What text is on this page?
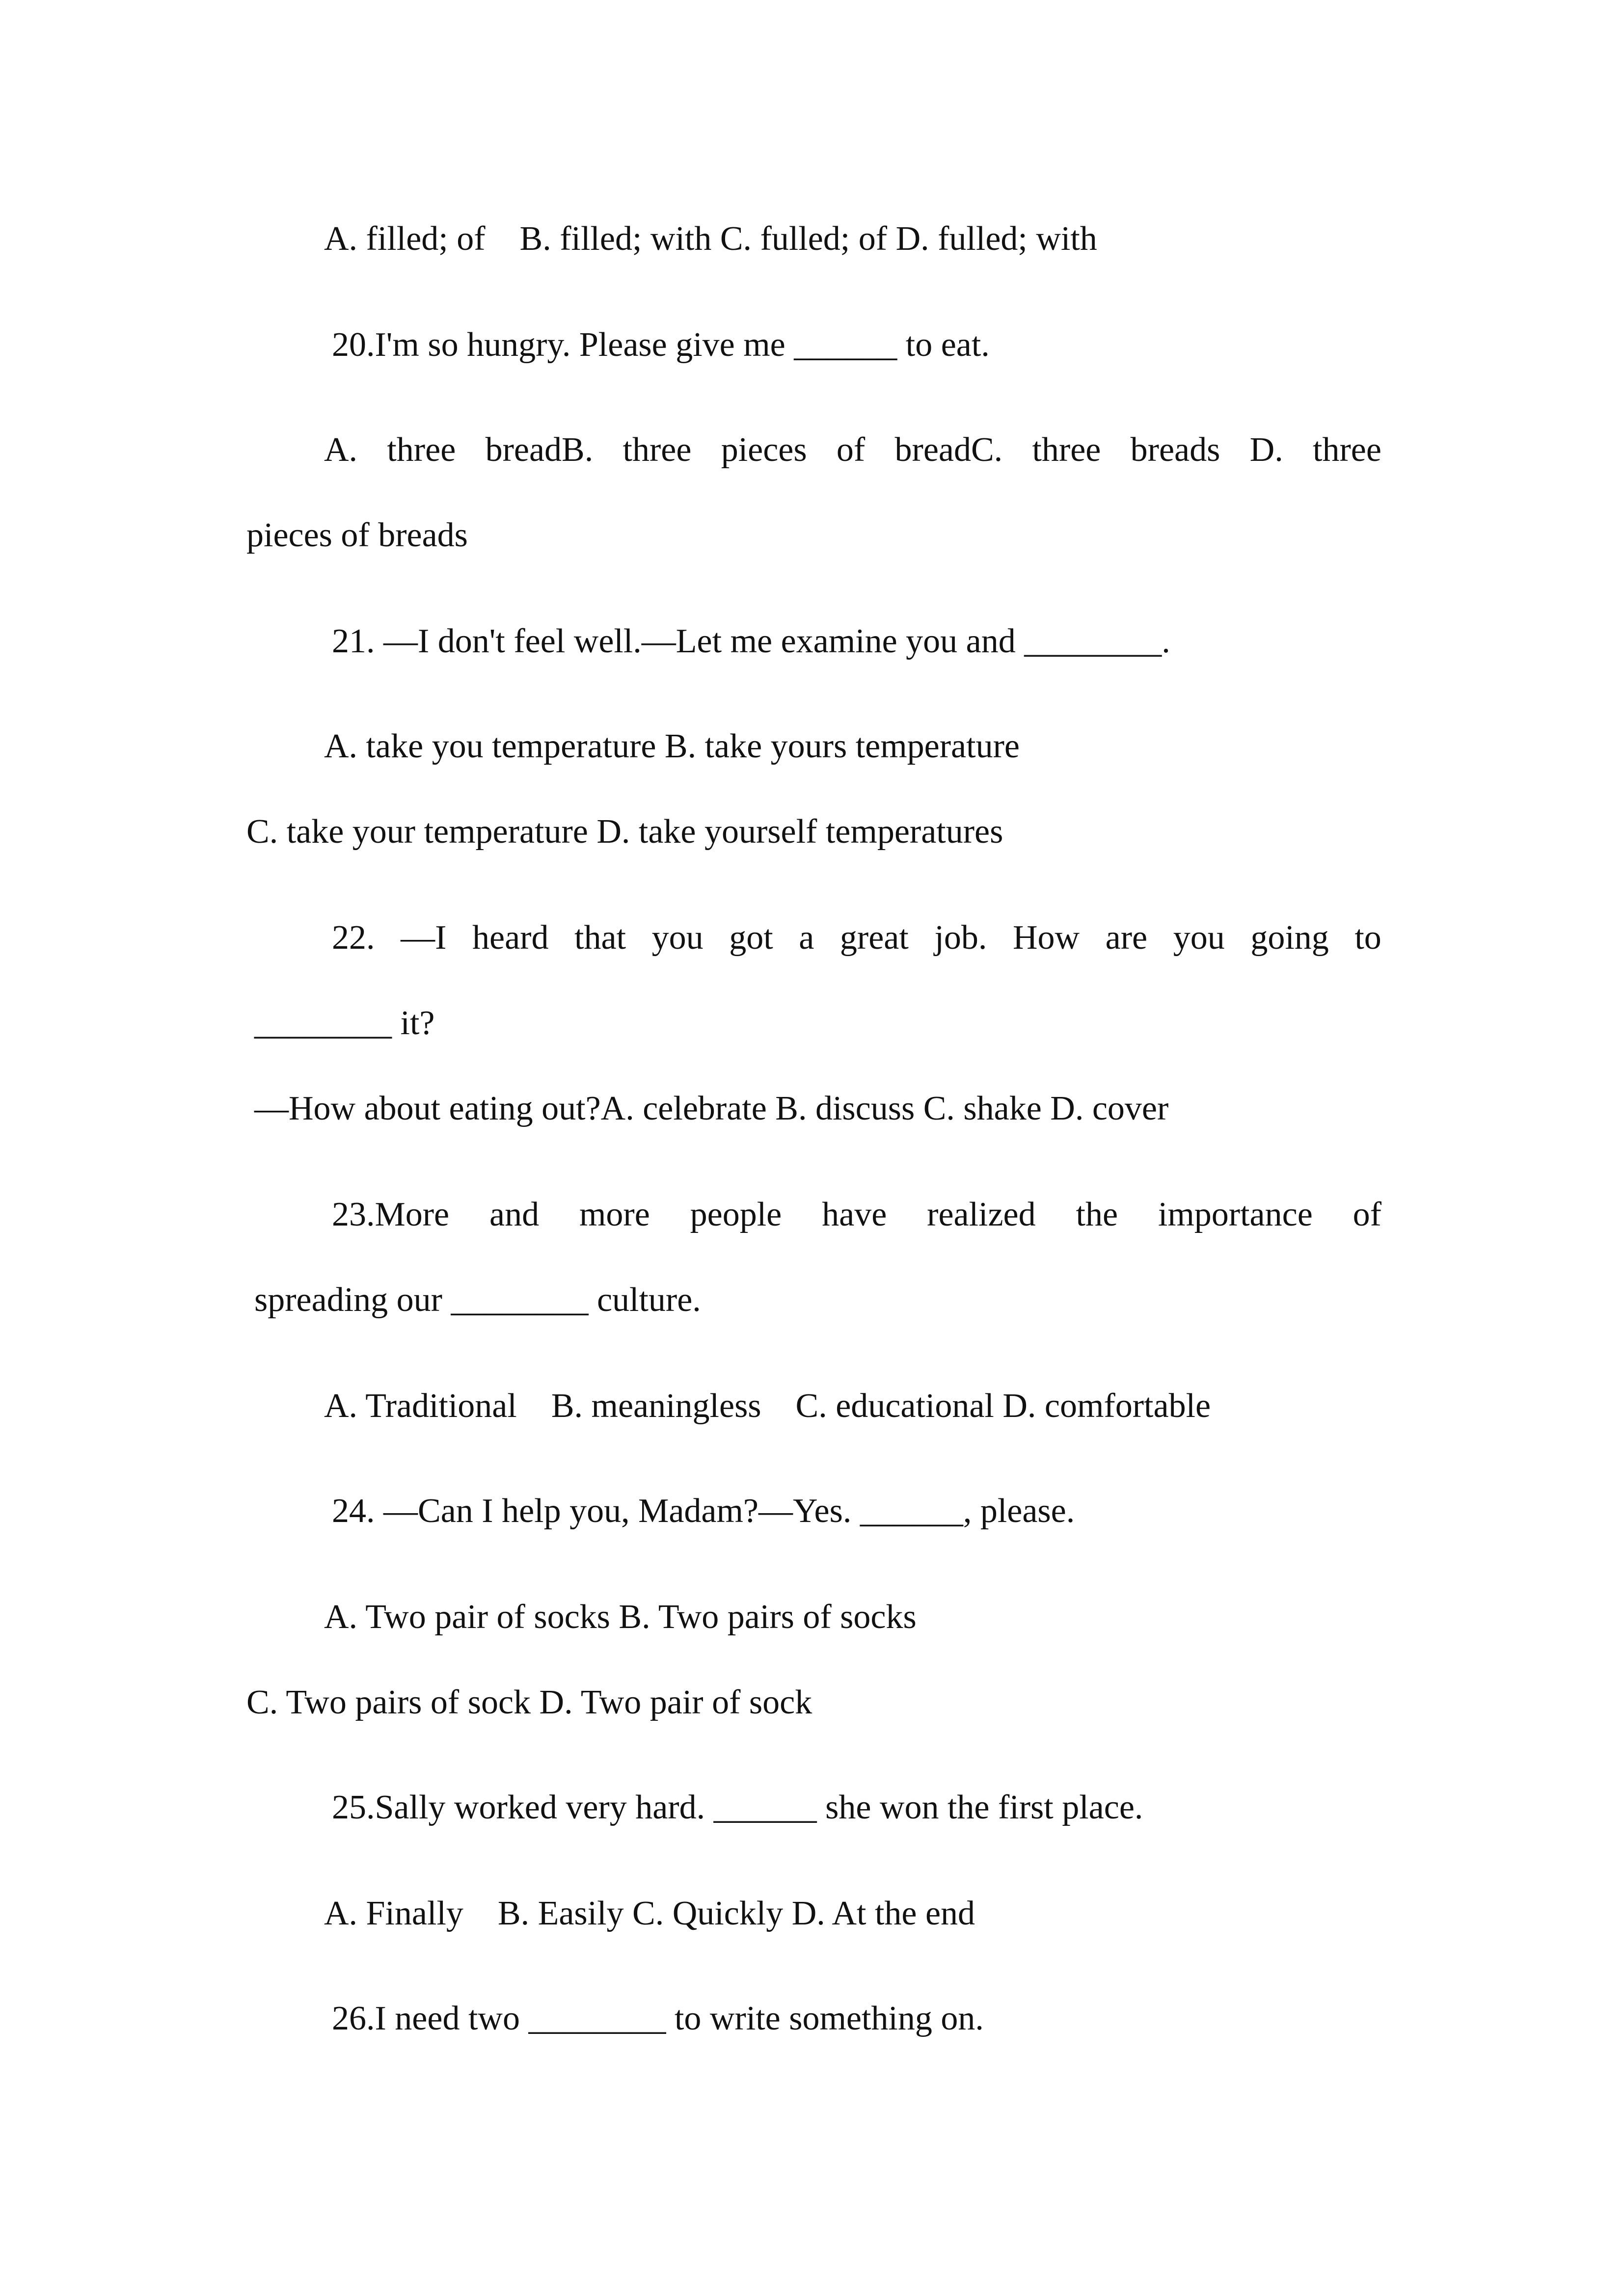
A. filled; of    B. filled; with C. fulled; of D. fulled; with
20.I'm so hungry. Please give me ______ to eat.
A. three breadB. three pieces of breadC. three breads D. three
pieces of breads
21. —I don't feel well.—Let me examine you and ________.
A. take you temperature B. take yours temperature
C. take your temperature D. take yourself temperatures
22. —I heard that you got a great job. How are you going to
________ it?
—How about eating out?A. celebrate B. discuss C. shake D. cover
23.More and more people have realized the importance of
spreading our ________ culture.
A. Traditional    B. meaningless    C. educational D. comfortable
24. —Can I help you, Madam?—Yes. ______, please.
A. Two pair of socks B. Two pairs of socks
C. Two pairs of sock D. Two pair of sock
25.Sally worked very hard. ______ she won the first place.
A. Finally    B. Easily C. Quickly D. At the end
26.I need two ________ to write something on.
